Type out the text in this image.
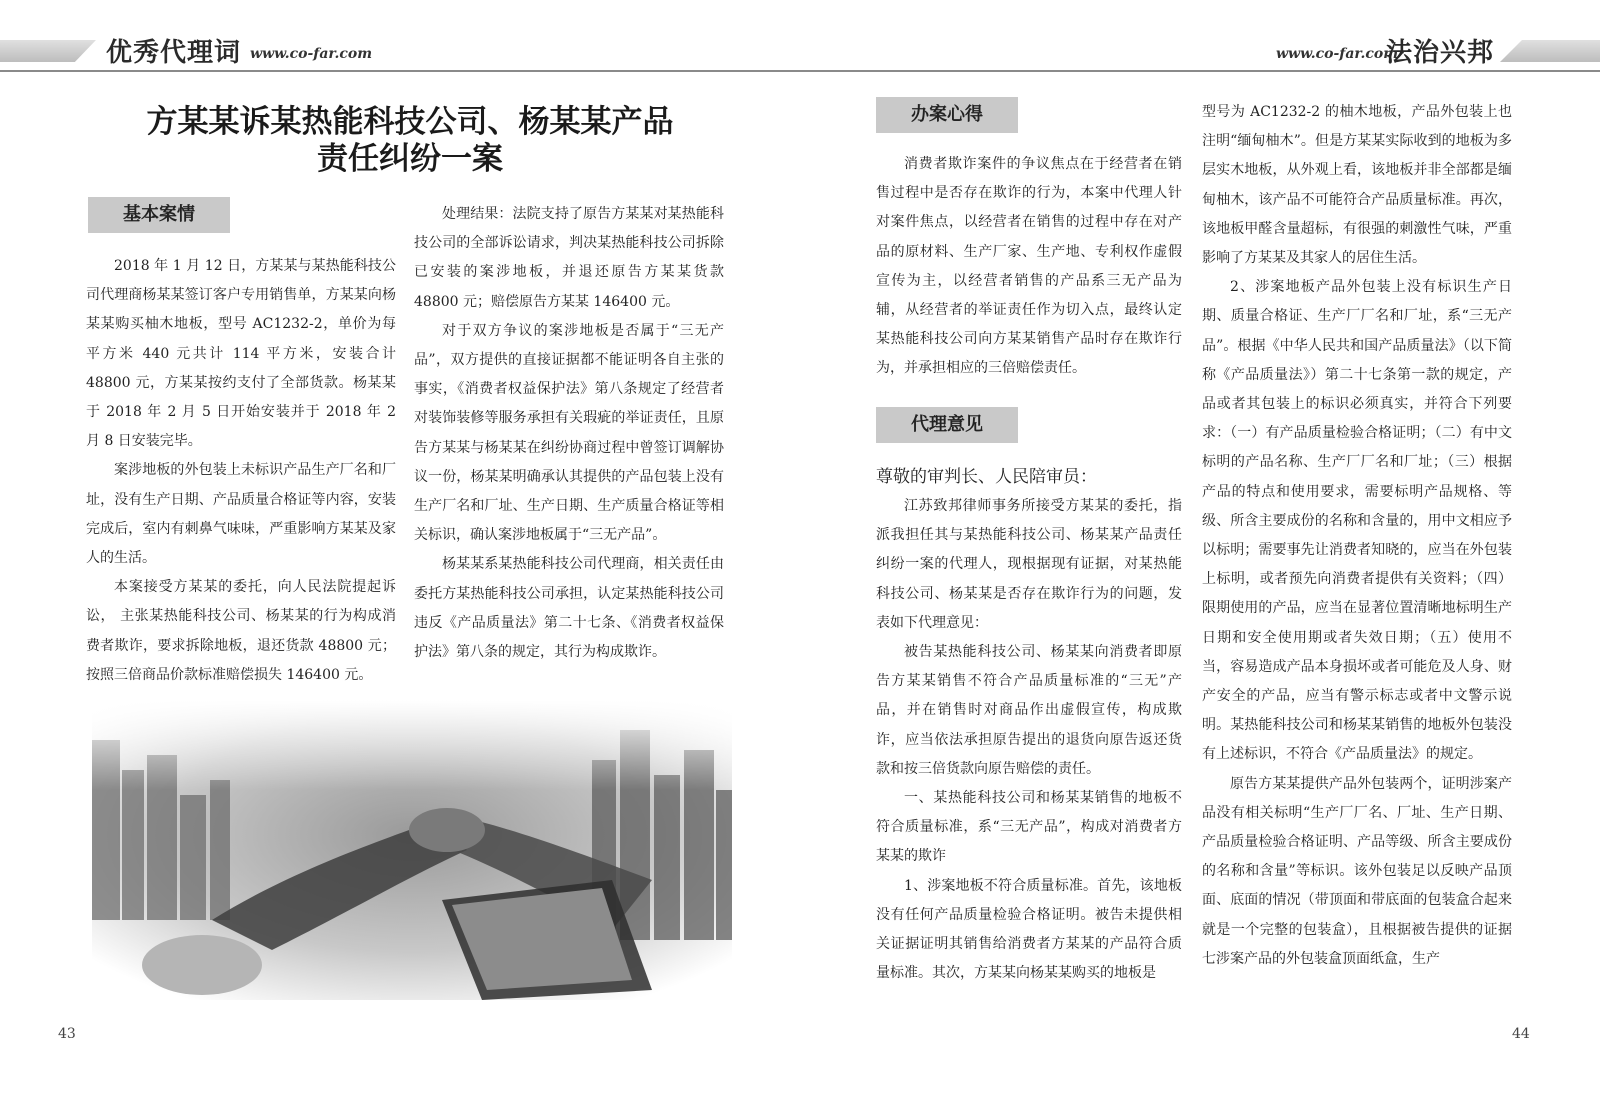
优秀代理词 www.co-far.com	www.co-far.com
法治兴邦
方某某诉某热能科技公司、杨某某产品
责任纠纷一案
基本案情
办案心得
代理意见

2018 年 1 月 12 日，方某某与某热能科技公司代理商杨某某签订客户专用销售单，方某某向杨某某购买柚木地板，型号 AC1232-2，单价为每平方米 440 元共计 114 平方米，安装合计 48800 元，方某某按约支付了全部货款。杨某某于 2018 年 2 月 5 日开始安装并于 2018 年 2 月 8 日安装完毕。

案涉地板的外包装上未标识产品生产厂名和厂址，没有生产日期、产品质量合格证等内容，安装完成后，室内有刺鼻气味味，严重影响方某某及家人的生活。

本案接受方某某的委托，向人民法院提起诉讼， 主张某热能科技公司、杨某某的行为构成消费者欺诈，要求拆除地板，退还货款 48800 元；按照三倍商品价款标准赔偿损失 146400 元。

处理结果：法院支持了原告方某某对某热能科技公司的全部诉讼请求，判决某热能科技公司拆除已安装的案涉地板，并退还原告方某某货款 48800 元；赔偿原告方某某 146400 元。

对于双方争议的案涉地板是否属于“三无产品”，双方提供的直接证据都不能证明各自主张的事实，《消费者权益保护法》第八条规定了经营者对装饰装修等服务承担有关瑕疵的举证责任，且原告方某某与杨某某在纠纷协商过程中曾签订调解协议一份，杨某某明确承认其提供的产品包装上没有生产厂名和厂址、生产日期、生产质量合格证等相关标识，确认案涉地板属于“三无产品”。

杨某某系某热能科技公司代理商，相关责任由委托方某热能科技公司承担，认定某热能科技公司违反《产品质量法》第二十七条、《消费者权益保护法》第八条的规定，其行为构成欺诈。

消费者欺诈案件的争议焦点在于经营者在销售过程中是否存在欺诈的行为，本案中代理人针对案件焦点，以经营者在销售的过程中存在对产品的原材料、生产厂家、生产地、专利权作虚假宣传为主，以经营者销售的产品系三无产品为辅，从经营者的举证责任作为切入点，最终认定某热能科技公司向方某某销售产品时存在欺诈行为，并承担相应的三倍赔偿责任。

尊敬的审判长、人民陪审员：

江苏致邦律师事务所接受方某某的委托，指派我担任其与某热能科技公司、杨某某产品责任纠纷一案的代理人，现根据现有证据，对某热能科技公司、杨某某是否存在欺诈行为的问题，发表如下代理意见：

被告某热能科技公司、杨某某向消费者即原告方某某销售不符合产品质量标准的“三无”产品，并在销售时对商品作出虚假宣传，构成欺诈，应当依法承担原告提出的退货向原告返还货款和按三倍货款向原告赔偿的责任。

一、某热能科技公司和杨某某销售的地板不符合质量标准，系“三无产品”，构成对消费者方某某的欺诈

1、涉案地板不符合质量标准。首先，该地板没有任何产品质量检验合格证明。被告未提供相关证据证明其销售给消费者方某某的产品符合质量标准。其次，方某某向杨某某购买的地板是

型号为 AC1232-2 的柚木地板，产品外包装上也注明“缅甸柚木”。但是方某某实际收到的地板为多层实木地板，从外观上看，该地板并非全部都是缅甸柚木，该产品不可能符合产品质量标准。再次，该地板甲醛含量超标，有很强的刺激性气味，严重影响了方某某及其家人的居住生活。

2、涉案地板产品外包装上没有标识生产日期、质量合格证、生产厂厂名和厂址，系“三无产品”。根据《中华人民共和国产品质量法》（以下简称《产品质量法》）第二十七条第一款的规定，产品或者其包装上的标识必须真实，并符合下列要求：（一）有产品质量检验合格证明；（二）有中文标明的产品名称、生产厂厂名和厂址；（三）根据产品的特点和使用要求，需要标明产品规格、等级、所含主要成份的名称和含量的，用中文相应予以标明；需要事先让消费者知晓的，应当在外包装上标明，或者预先向消费者提供有关资料；（四）限期使用的产品，应当在显著位置清晰地标明生产日期和安全使用期或者失效日期；（五）使用不当，容易造成产品本身损坏或者可能危及人身、财产安全的产品，应当有警示标志或者中文警示说明。某热能科技公司和杨某某销售的地板外包装没有上述标识，不符合《产品质量法》的规定。

原告方某某提供产品外包装两个，证明涉案产品没有相关标明“生产厂厂名、厂址、生产日期、产品质量检验合格证明、产品等级、所含主要成份的名称和含量”等标识。该外包装足以反映产品顶面、底面的情况（带顶面和带底面的包装盒合起来就是一个完整的包装盒），且根据被告提供的证据七涉案产品的外包装盒顶面纸盒，生产

43	44
